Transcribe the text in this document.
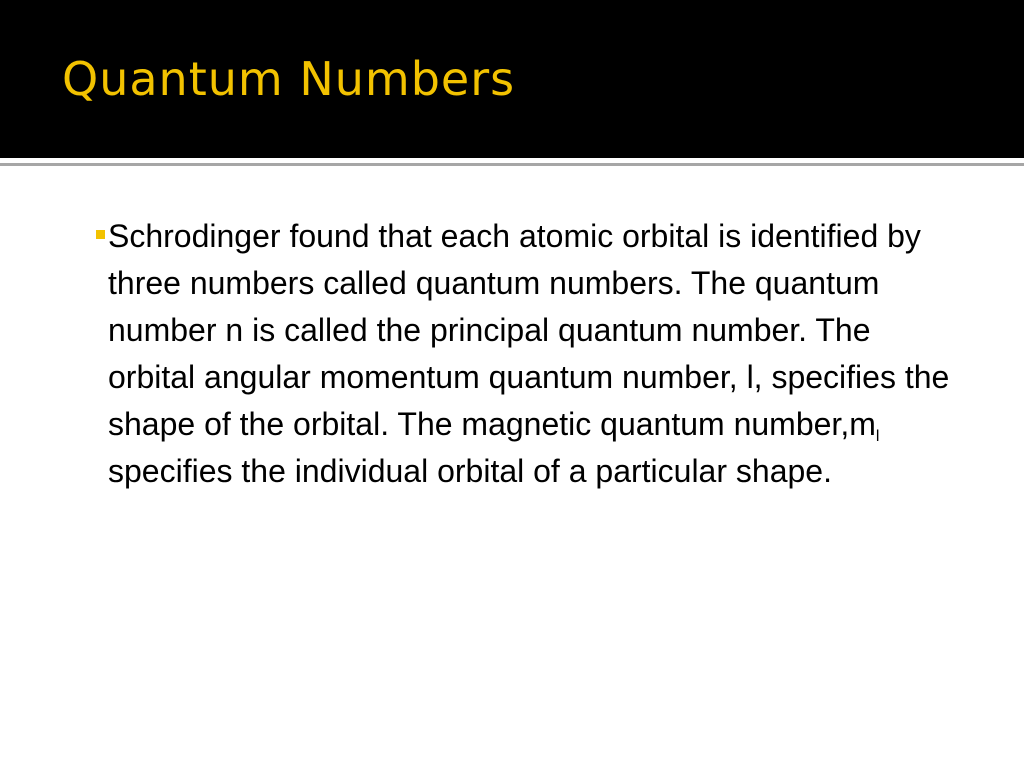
Quantum Numbers

Schrodinger found that each atomic orbital is identified by three numbers called quantum numbers. The quantum number n is called the principal quantum number. The orbital angular momentum quantum number, l, specifies the shape of the orbital. The magnetic quantum $number,m_l$ specifies the individual orbital of a particular shape.
